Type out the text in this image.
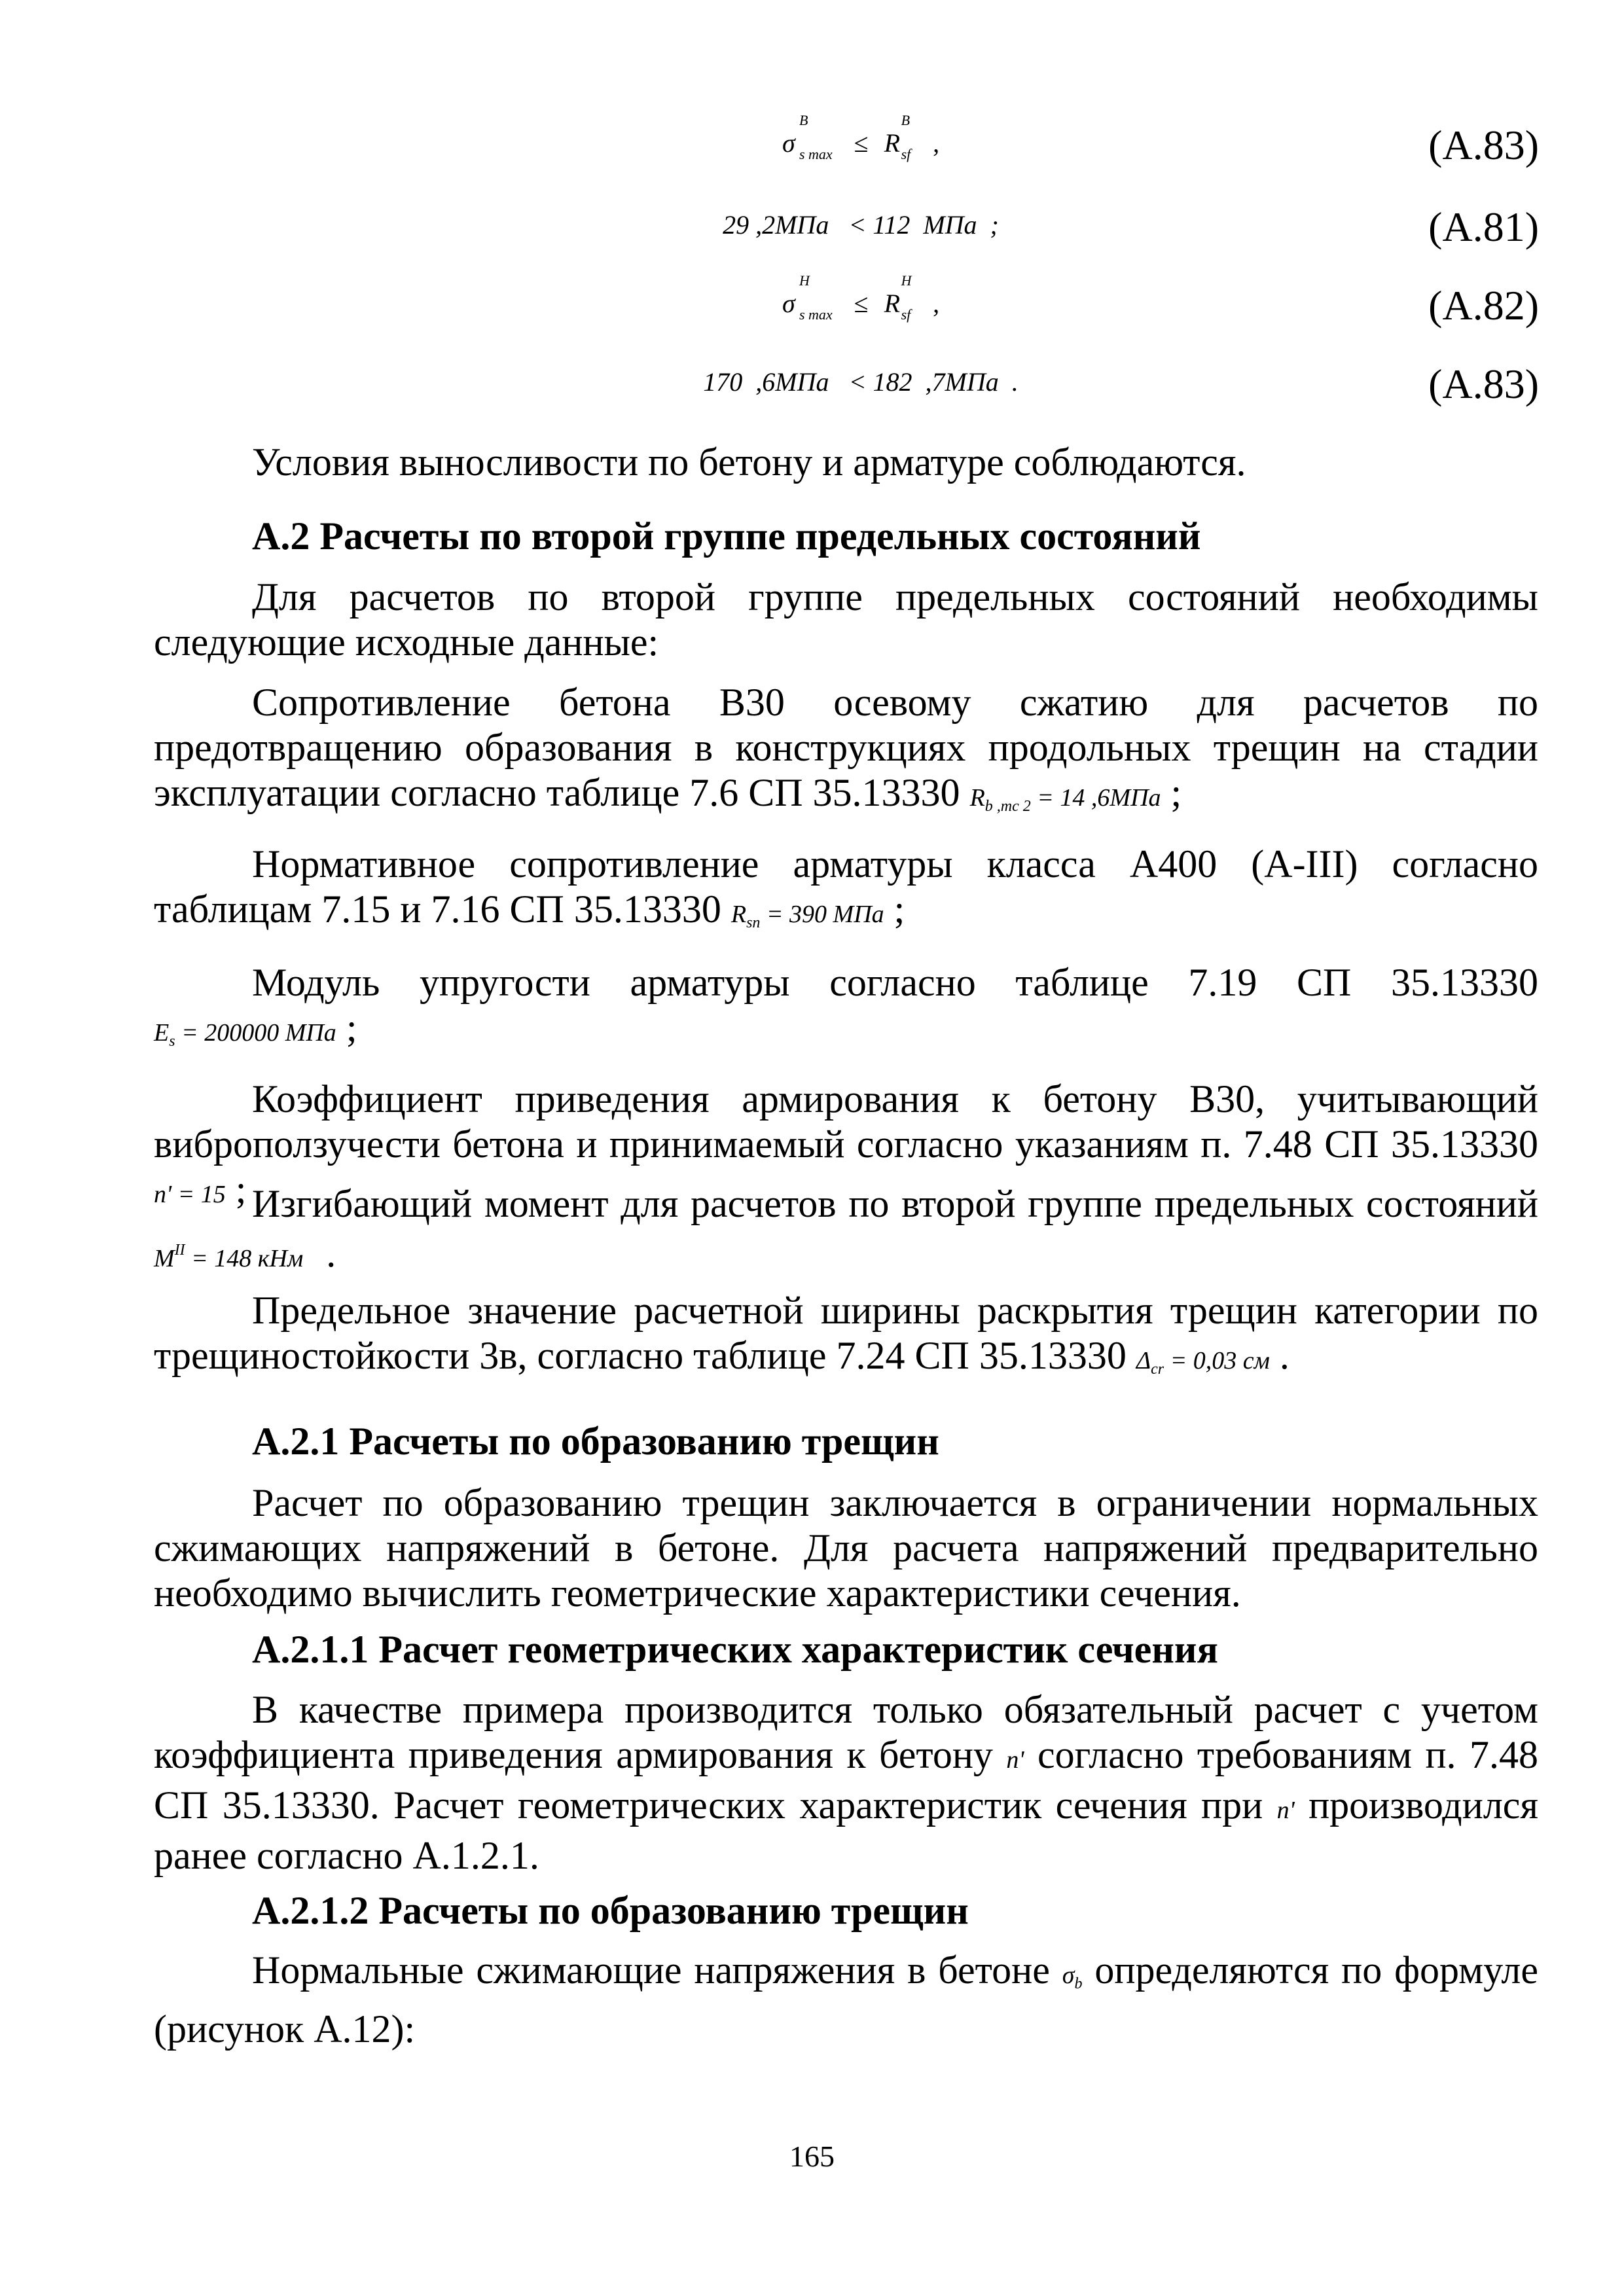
σ
B
s max ≤ R
B
sf ,	(A.83)
29 ,2МПа   < 112  МПа  ;	(A.81)
σ
H
s max ≤ R
H
sf ,	(A.82)
170  ,6МПа   < 182  ,7МПа  .	(A.83)
Условия выносливости по бетону и арматуре соблюдаются.
А.2 Расчеты по второй группе предельных состояний
Для расчетов по второй группе предельных состояний необходимы следующие исходные данные:
Сопротивление бетона B30 осевому сжатию для расчетов по предотвращению образования в конструкциях продольных трещин на стадии эксплуатации согласно таблице 7.6 СП 35.13330 $R_{b ,mc 2} = 14$ ,6МПа ;
Нормативное сопротивление арматуры класса А400 (A-III) согласно таблицам 7.15 и 7.16 СП 35.13330 $R_{sn} = 390$ МПа ;
Модуль упругости арматуры согласно таблице 7.19 СП 35.13330
$E_s = 200000$ МПа ;
Коэффициент приведения армирования к бетону B30, учитывающий виброползучести бетона и принимаемый согласно указаниям п. 7.48 СП 35.13330 n' = 15 ; Изгибающий момент для расчетов по второй группе предельных состояний
$M^{II} = 148$ кНм .
Предельное значение расчетной ширины раскрытия трещин категории по трещиностойкости 3в, согласно таблице 7.24 СП 35.13330 $\Delta_{cr} = 0,03$ см .
А.2.1 Расчеты по образованию трещин
Расчет по образованию трещин заключается в ограничении нормальных сжимающих напряжений в бетоне. Для расчета напряжений предварительно необходимо вычислить геометрические характеристики сечения.
А.2.1.1 Расчет геометрических характеристик сечения
В качестве примера производится только обязательный расчет с учетом коэффициента приведения армирования к бетону n' согласно требованиям п. 7.48 СП 35.13330. Расчет геометрических характеристик сечения при n' производился ранее согласно А.1.2.1.
А.2.1.2 Расчеты по образованию трещин
Нормальные сжимающие напряжения в бетоне $\sigma_b$ определяются по формуле (рисунок А.12):
165
